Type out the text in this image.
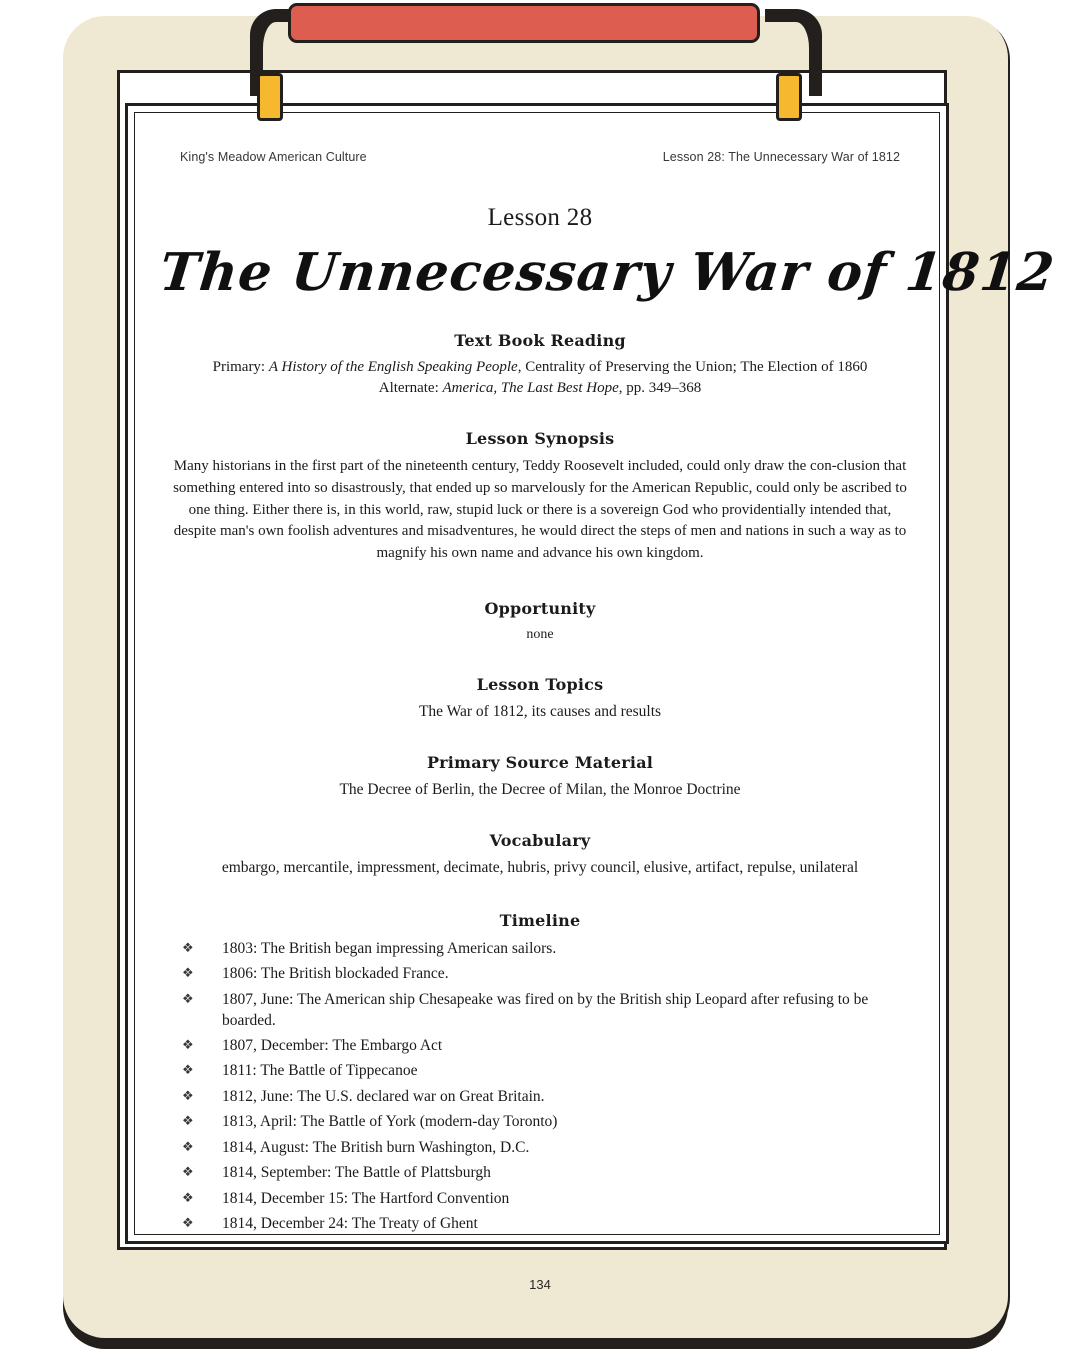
King's Meadow American Culture	Lesson 28: The Unnecessary War of 1812
Lesson 28
The Unnecessary War of 1812
Text Book Reading
Primary: A History of the English Speaking People, Centrality of Preserving the Union; The Election of 1860
Alternate: America, The Last Best Hope, pp. 349–368
Lesson Synopsis
Many historians in the first part of the nineteenth century, Teddy Roosevelt included, could only draw the con-clusion that something entered into so disastrously, that ended up so marvelously for the American Republic, could only be ascribed to one thing. Either there is, in this world, raw, stupid luck or there is a sovereign God who providentially intended that, despite man's own foolish adventures and misadventures, he would direct the steps of men and nations in such a way as to magnify his own name and advance his own kingdom.
Opportunity
none
Lesson Topics
The War of 1812, its causes and results
Primary Source Material
The Decree of Berlin, the Decree of Milan, the Monroe Doctrine
Vocabulary
embargo, mercantile, impressment, decimate, hubris, privy council, elusive, artifact, repulse, unilateral
Timeline
❖ 1803: The British began impressing American sailors.
❖ 1806: The British blockaded France.
❖ 1807, June: The American ship Chesapeake was fired on by the British ship Leopard after refusing to be boarded.
❖ 1807, December: The Embargo Act
❖ 1811: The Battle of Tippecanoe
❖ 1812, June: The U.S. declared war on Great Britain.
❖ 1813, April: The Battle of York (modern-day Toronto)
❖ 1814, August: The British burn Washington, D.C.
❖ 1814, September: The Battle of Plattsburgh
❖ 1814, December 15: The Hartford Convention
❖ 1814, December 24: The Treaty of Ghent
134
